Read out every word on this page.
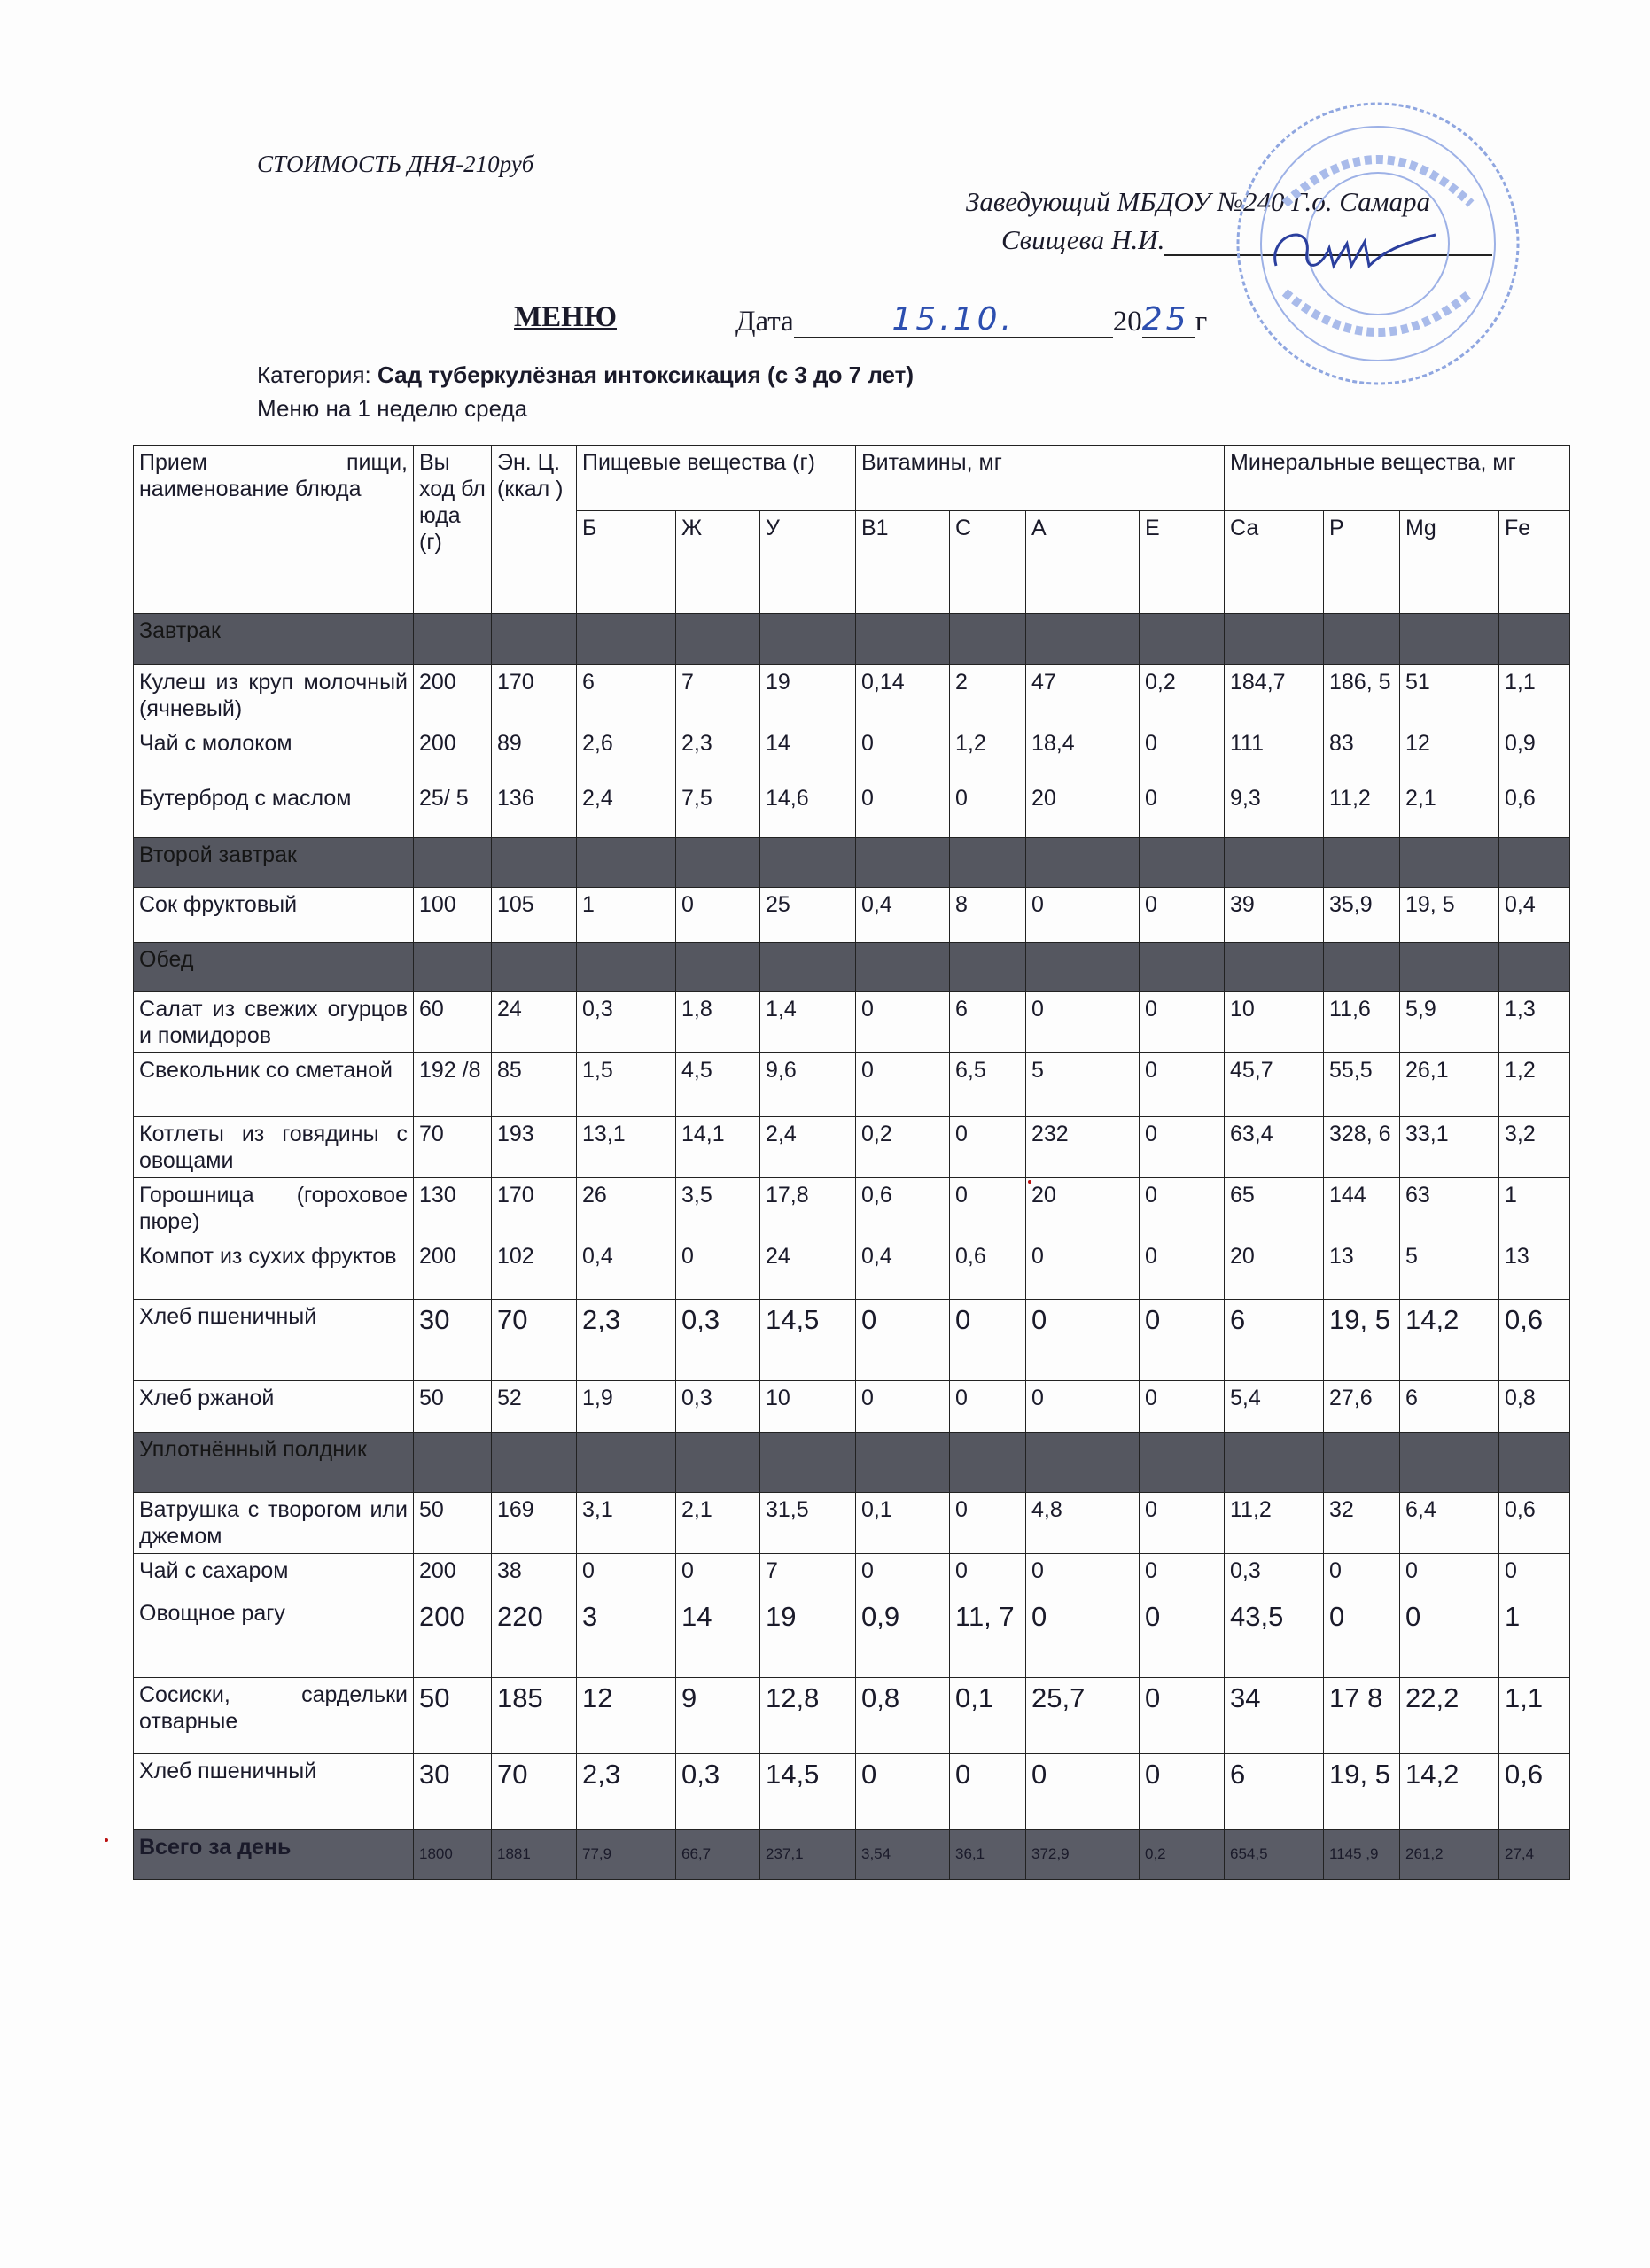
СТОИМОСТЬ ДНЯ-210руб
Заведующий МБДОУ №240 Г.о. Самара
Свищева Н.И.
МЕНЮ	Дата	15.10.	2025 г
Категория: Сад туберкулёзная интоксикация (с 3 до 7 лет)
Меню на 1 неделю среда
Прием пищи, наименование блюда	Вы ход бл юда (г)	Эн. Ц. (ккал )	Пищевые вещества (г)			Витамины, мг				Минеральные вещества, мг			
			Б	Ж	У	В1	С	А	Е	Са	Р	Mg	Fe
Завтрак													
Кулеш из круп молочный (ячневый)	200	170	6	7	19	0,14	2	47	0,2	184,7	186, 5	51	1,1
Чай с молоком	200	89	2,6	2,3	14	0	1,2	18,4	0	111	83	12	0,9
Бутерброд с маслом	25/ 5	136	2,4	7,5	14,6	0	0	20	0	9,3	11,2	2,1	0,6
Второй завтрак													
Сок фруктовый	100	105	1	0	25	0,4	8	0	0	39	35,9	19, 5	0,4
Обед													
Салат из свежих огурцов и помидоров	60	24	0,3	1,8	1,4	0	6	0	0	10	11,6	5,9	1,3
Свекольник со сметаной	192 /8	85	1,5	4,5	9,6	0	6,5	5	0	45,7	55,5	26,1	1,2
Котлеты из говядины с овощами	70	193	13,1	14,1	2,4	0,2	0	232	0	63,4	328, 6	33,1	3,2
Горошница (гороховое пюре)	130	170	26	3,5	17,8	0,6	0	20	0	65	144	63	1
Компот из сухих фруктов	200	102	0,4	0	24	0,4	0,6	0	0	20	13	5	13
Хлеб пшеничный	30	70	2,3	0,3	14,5	0	0	0	0	6	19, 5	14,2	0,6
Хлеб ржаной	50	52	1,9	0,3	10	0	0	0	0	5,4	27,6	6	0,8
Уплотнённый полдник													
Ватрушка с творогом или джемом	50	169	3,1	2,1	31,5	0,1	0	4,8	0	11,2	32	6,4	0,6
Чай с сахаром	200	38	0	0	7	0	0	0	0	0,3	0	0	0
Овощное рагу	200	220	3	14	19	0,9	11, 7	0	0	43,5	0	0	1
Сосиски, сардельки отварные	50	185	12	9	12,8	0,8	0,1	25,7	0	34	17 8	22,2	1,1
Хлеб пшеничный	30	70	2,3	0,3	14,5	0	0	0	0	6	19, 5	14,2	0,6
Всего за день	1800	1881	77,9	66,7	237,1	3,54	36,1	372,9	0,2	654,5	1145 ,9	261,2	27,4
